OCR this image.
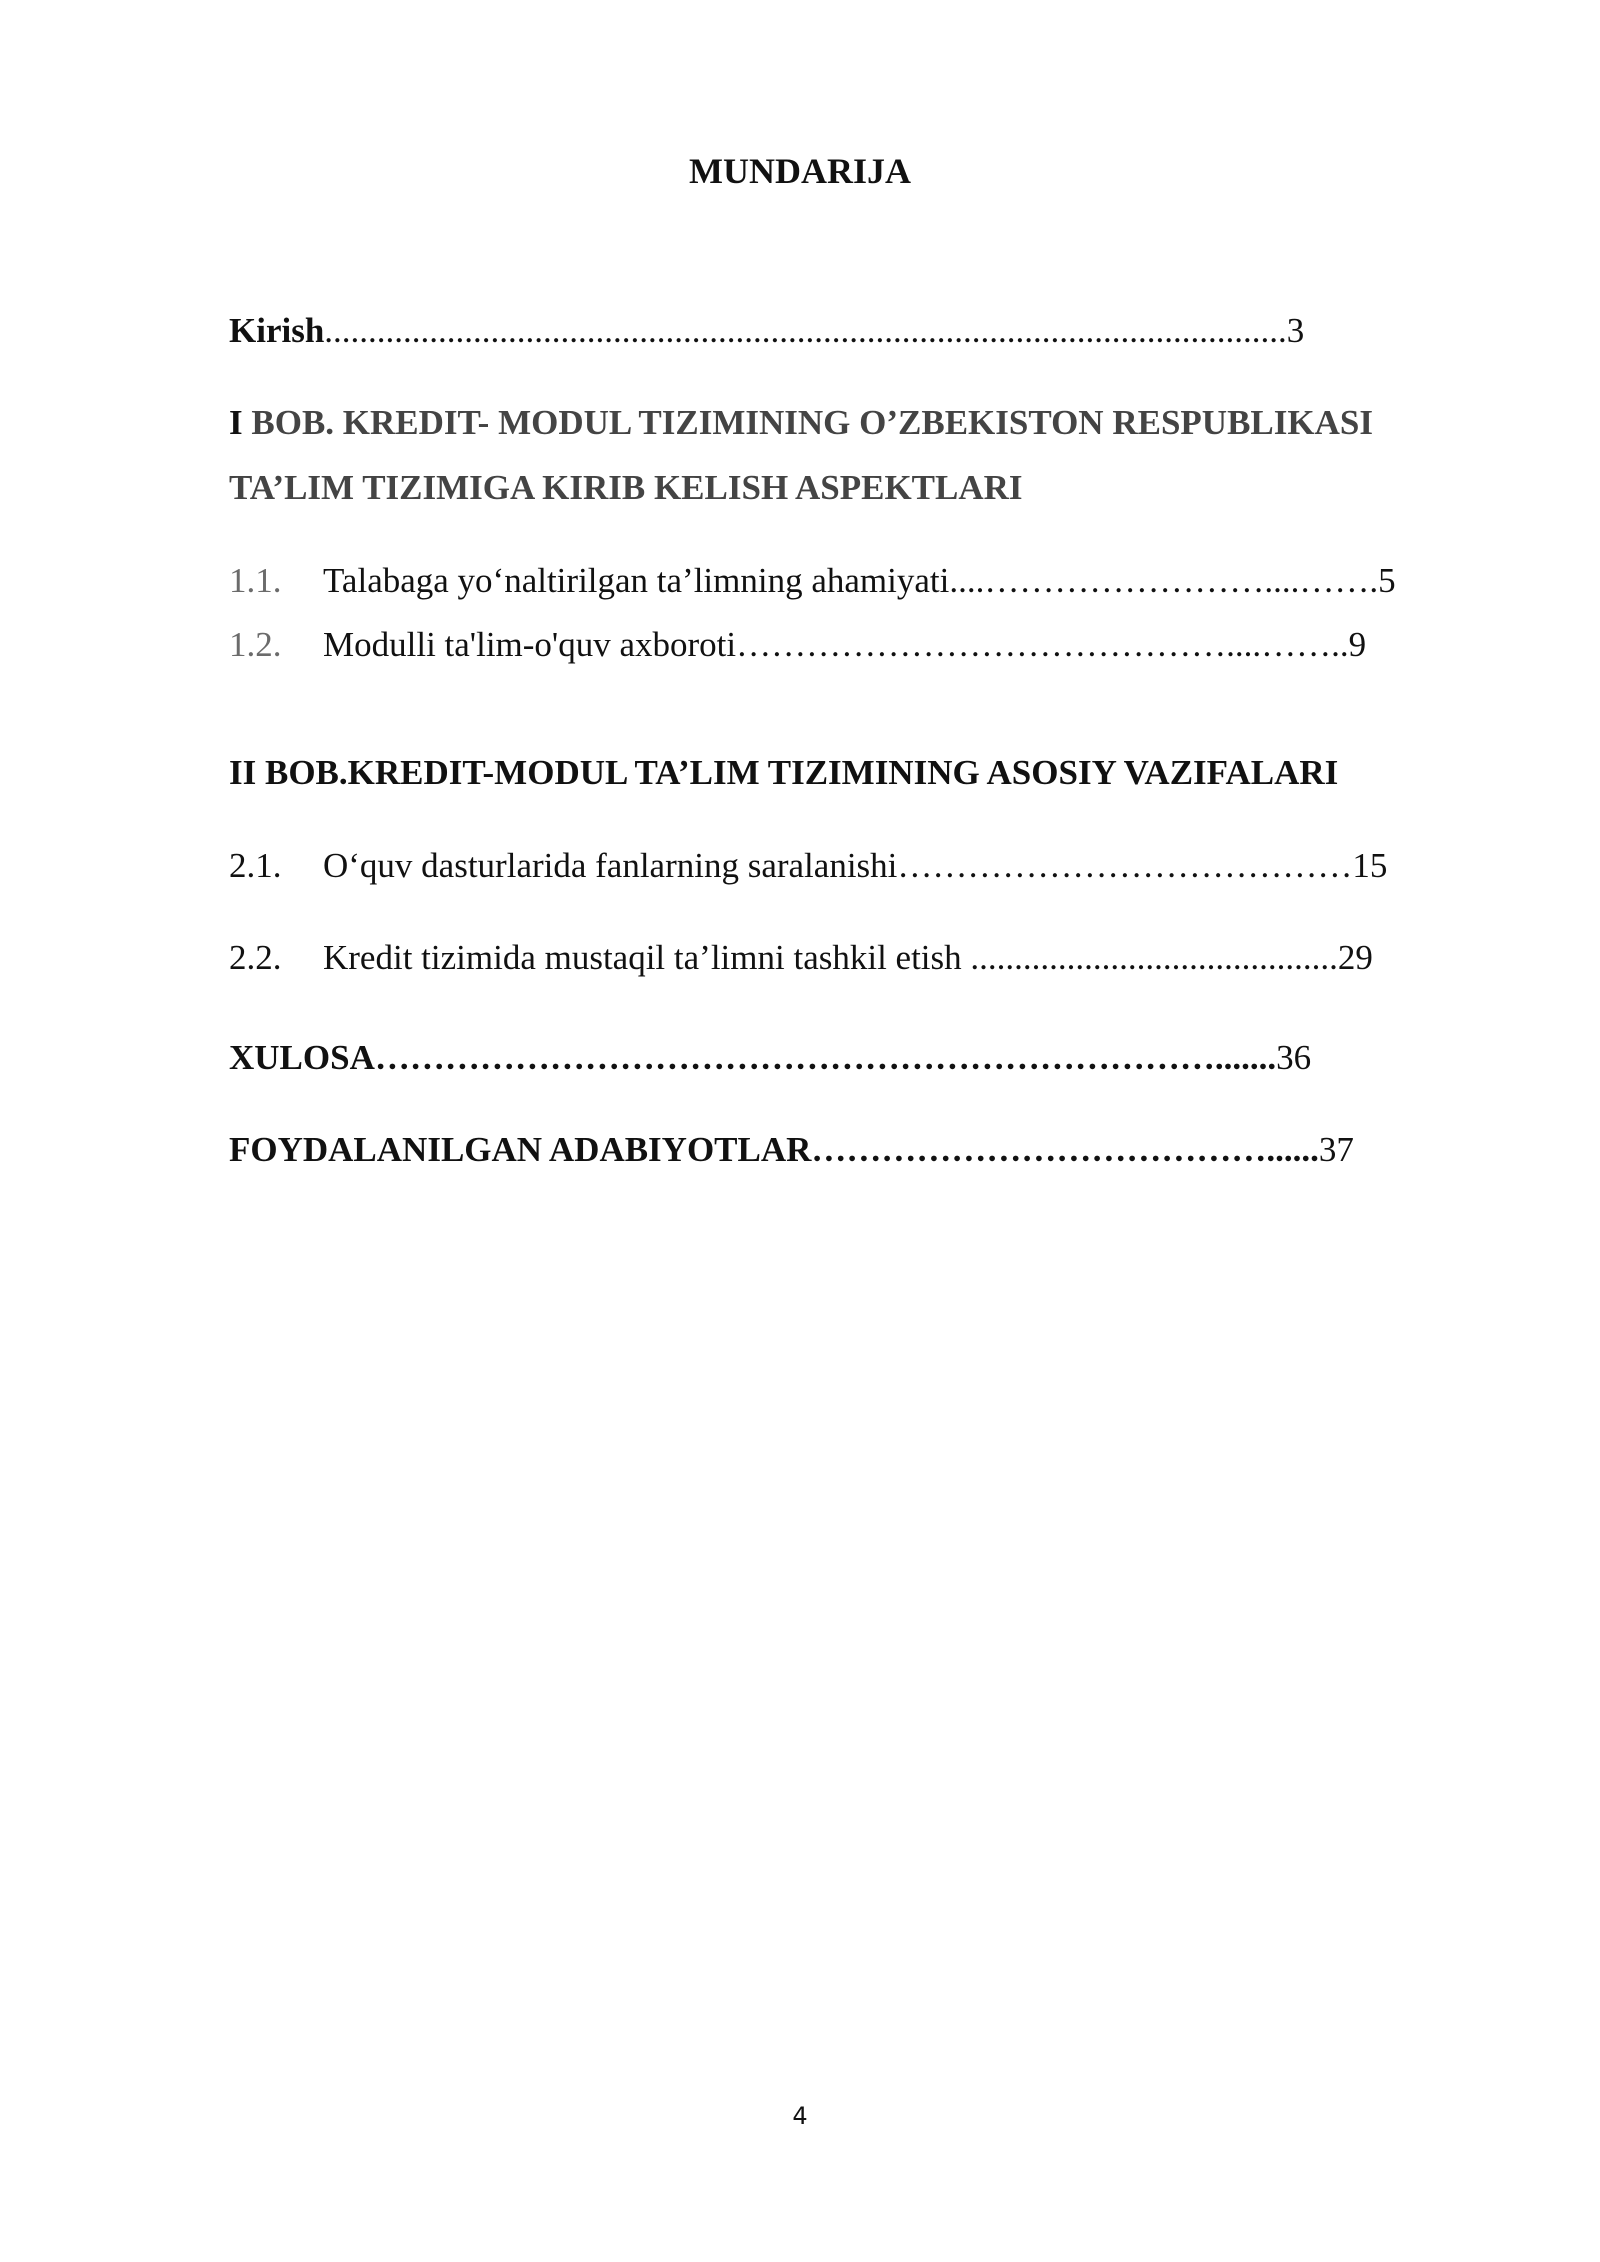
MUNDARIJA
Kirish..............................................................................................................3
I BOB. KREDIT- MODUL TIZIMINING O’ZBEKISTON RESPUBLIKASI
TA’LIM TIZIMIGA KIRIB KELISH ASPEKTLARI
1.1. Talabaga yo‘naltirilgan ta’limning ahamiyati....……………………....…….5
1.2. Modulli ta'lim-o'quv axboroti……………………………………....……..9
II BOB.KREDIT-MODUL TA’LIM TIZIMINING ASOSIY VAZIFALARI
2.1. O‘quv dasturlarida fanlarning saralanishi…………………………………15
2.2. Kredit tizimida mustaqil ta’limni tashkil etish ..........................................29
XULOSA……………………………………………………………….......36
FOYDALANILGAN ADABIYOTLAR…………………………………......37
4
